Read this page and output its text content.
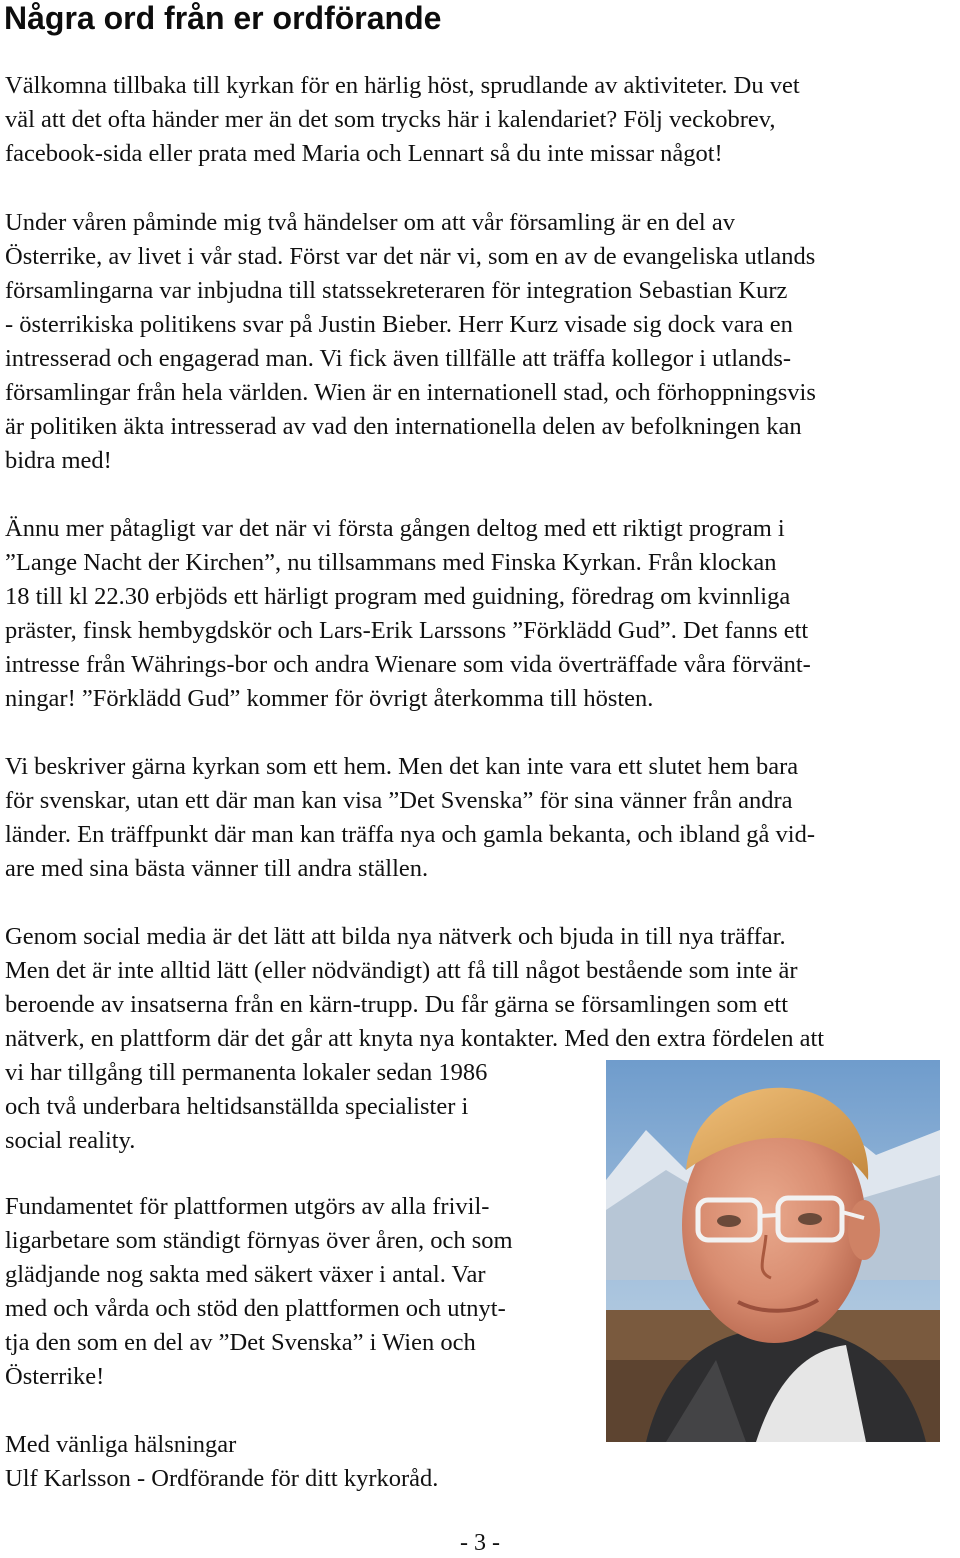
Några ord från er ordförande

Välkomna tillbaka till kyrkan för en härlig höst, sprudlande av aktiviteter. Du vet
väl att det ofta händer mer än det som trycks här i kalendariet? Följ veckobrev,
facebook-sida eller prata med Maria och Lennart så du inte missar något!

Under våren påminde mig två händelser om att vår församling är en del av
Österrike, av livet i vår stad. Först var det när vi, som en av de evangeliska utlands
församlingarna var inbjudna till statssekreteraren för integration Sebastian Kurz
- österrikiska politikens svar på Justin Bieber. Herr Kurz visade sig dock vara en
intresserad och engagerad man. Vi fick även tillfälle att träffa kollegor i utlands-
församlingar från hela världen. Wien är en internationell stad, och förhoppningsvis
är politiken äkta intresserad av vad den internationella delen av befolkningen kan
bidra med!

Ännu mer påtagligt var det när vi första gången deltog med ett riktigt program i
”Lange Nacht der Kirchen”, nu tillsammans med Finska Kyrkan. Från klockan
18 till kl 22.30 erbjöds ett härligt program med guidning, föredrag om kvinnliga
präster, finsk hembygdskör och Lars-Erik Larssons ”Förklädd Gud”. Det fanns ett
intresse från Währings-bor och andra Wienare som vida överträffade våra förvänt-
ningar! ”Förklädd Gud” kommer för övrigt återkomma till hösten.

Vi beskriver gärna kyrkan som ett hem. Men det kan inte vara ett slutet hem bara
för svenskar, utan ett där man kan visa ”Det Svenska” för sina vänner från andra
länder. En träffpunkt där man kan träffa nya och gamla bekanta, och ibland gå vid-
are med sina bästa vänner till andra ställen.

Genom social media är det lätt att bilda nya nätverk och bjuda in till nya träffar.
Men det är inte alltid lätt (eller nödvändigt) att få till något bestående som inte är
beroende av insatserna från en kärn-trupp. Du får gärna se församlingen som ett
nätverk, en plattform där det går att knyta nya kontakter. Med den extra fördelen att
vi har tillgång till permanenta lokaler sedan 1986
och två underbara heltidsanställda specialister i
social reality.

Fundamentet för plattformen utgörs av alla frivil-
ligarbetare som ständigt förnyas över åren, och som
glädjande nog sakta med säkert växer i antal. Var
med och vårda och stöd den plattformen och utnyt-
tja den som en del av ”Det Svenska” i Wien och
Österrike!

Med vänliga hälsningar
Ulf Karlsson - Ordförande för ditt kyrkoråd.

- 3 -
